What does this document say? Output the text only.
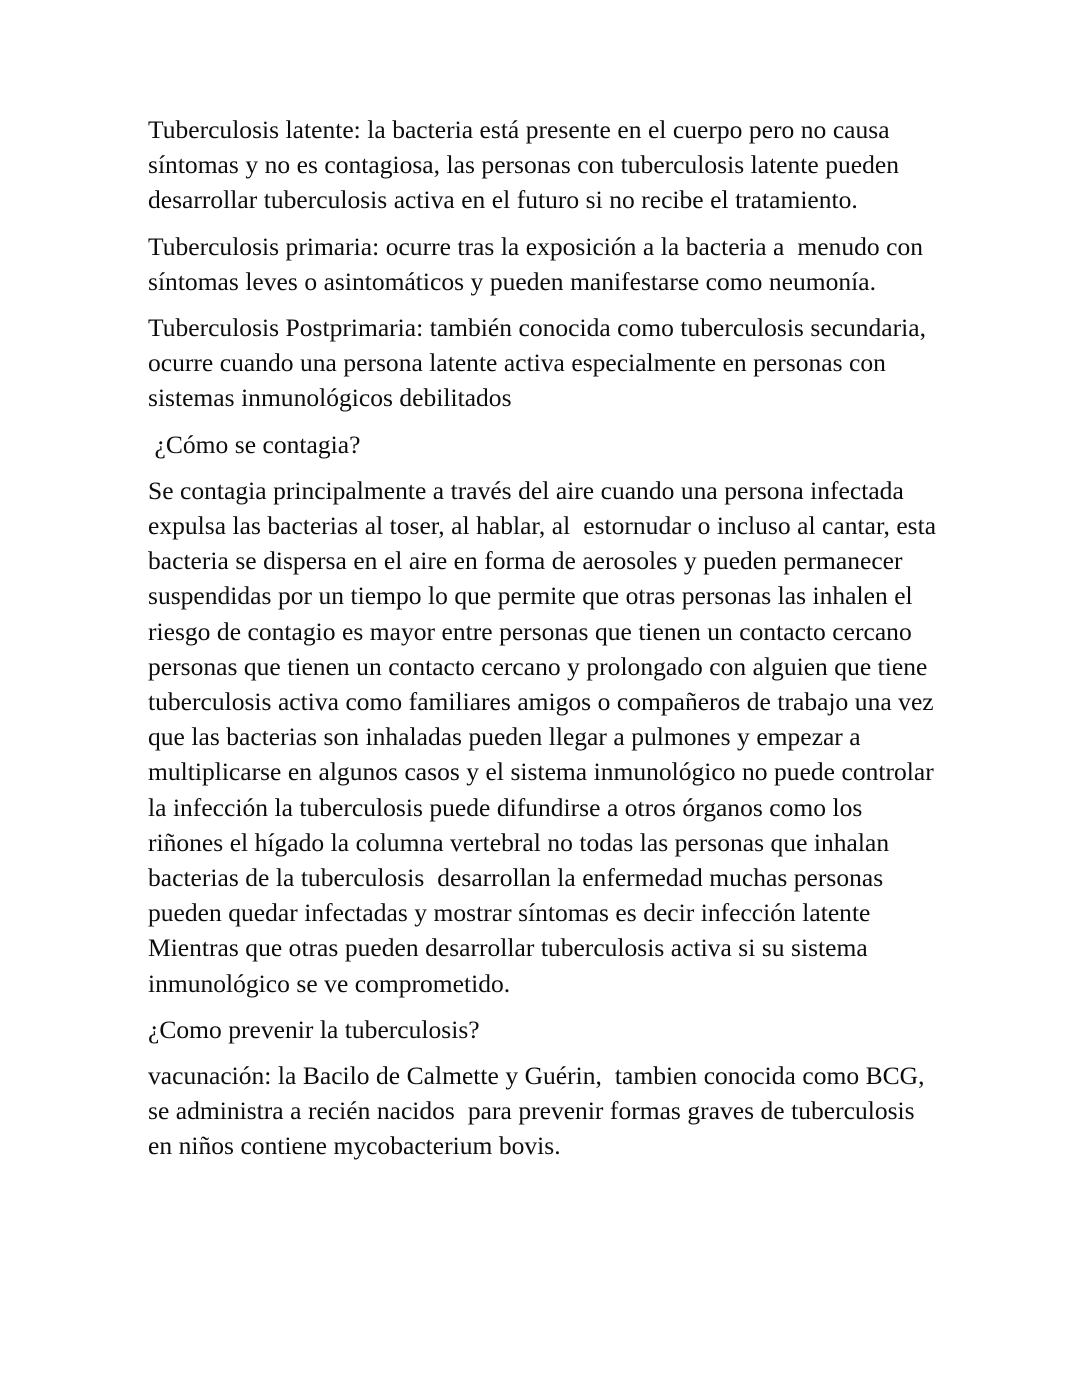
Tuberculosis latente: la bacteria está presente en el cuerpo pero no causa síntomas y no es contagiosa, las personas con tuberculosis latente pueden desarrollar tuberculosis activa en el futuro si no recibe el tratamiento.

Tuberculosis primaria: ocurre tras la exposición a la bacteria a  menudo con síntomas leves o asintomáticos y pueden manifestarse como neumonía.

Tuberculosis Postprimaria: también conocida como tuberculosis secundaria, ocurre cuando una persona latente activa especialmente en personas con sistemas inmunológicos debilitados

¿Cómo se contagia?

Se contagia principalmente a través del aire cuando una persona infectada expulsa las bacterias al toser, al hablar, al  estornudar o incluso al cantar, esta bacteria se dispersa en el aire en forma de aerosoles y pueden permanecer suspendidas por un tiempo lo que permite que otras personas las inhalen el riesgo de contagio es mayor entre personas que tienen un contacto cercano personas que tienen un contacto cercano y prolongado con alguien que tiene tuberculosis activa como familiares amigos o compañeros de trabajo una vez que las bacterias son inhaladas pueden llegar a pulmones y empezar a multiplicarse en algunos casos y el sistema inmunológico no puede controlar la infección la tuberculosis puede difundirse a otros órganos como los riñones el hígado la columna vertebral no todas las personas que inhalan bacterias de la tuberculosis  desarrollan la enfermedad muchas personas pueden quedar infectadas y mostrar síntomas es decir infección latente Mientras que otras pueden desarrollar tuberculosis activa si su sistema inmunológico se ve comprometido.

¿Como prevenir la tuberculosis?

vacunación: la Bacilo de Calmette y Guérin,  tambien conocida como BCG, se administra a recién nacidos  para prevenir formas graves de tuberculosis en niños contiene mycobacterium bovis.
